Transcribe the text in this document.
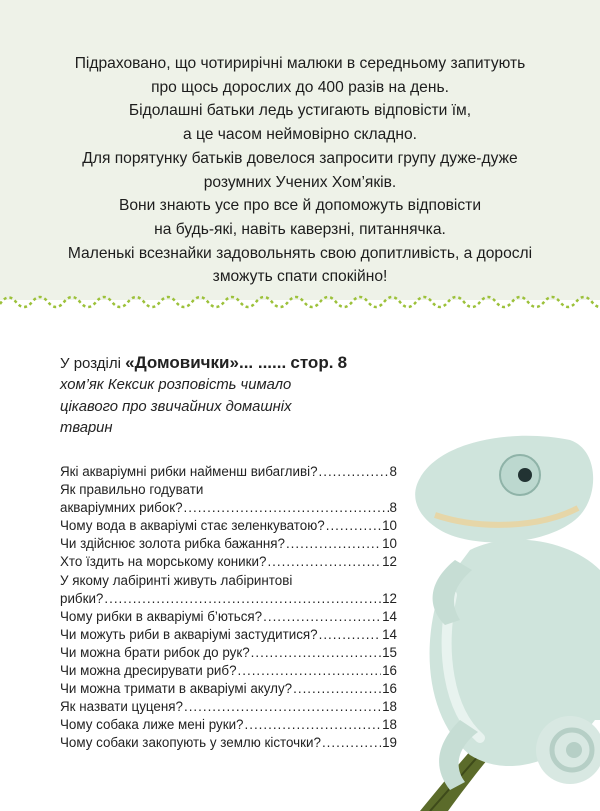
Підраховано, що чотирирічні малюки в середньому запитують

про щось дорослих до 400 разів на день.

Бідолашні батьки ледь устигають відповісти їм,

а це часом неймовірно складно.

Для порятунку батьків довелося запросити групу дуже-дуже

розумних Учених Хом’яків.

Вони знають усе про все й допоможуть відповісти

на будь-які, навіть каверзні, питаннячка.

Маленькі всезнайки задовольнять свою допитливість, а дорослі

зможуть спати спокійно!

У розділі «Домовички»... ...... стор. 8
хом’як Кексик розповість чимало
цікавого про звичайних домашніх
тварин
Які акваріумні рибки найменш вибагливі? .....	8
Як правильно годувати
акваріумних рибок? .....	8
Чому вода в акваріумі стає зеленкуватою? .....	10
Чи здійснює золота рибка бажання? .....	10
Хто їздить на морському коники? .....	12
У якому лабіринті живуть лабіринтові
рибки? .....	12
Чому рибки в акваріумі б’ються? .....	14
Чи можуть риби в акваріумі застудитися? .....	14
Чи можна брати рибок до рук? .....	15
Чи можна дресирувати риб? .....	16
Чи можна тримати в акваріумі акулу? .....	16
Як назвати цуценя? .....	18
Чому собака лиже мені руки? .....	18
Чому собаки закопують у землю кісточки? .....	19
